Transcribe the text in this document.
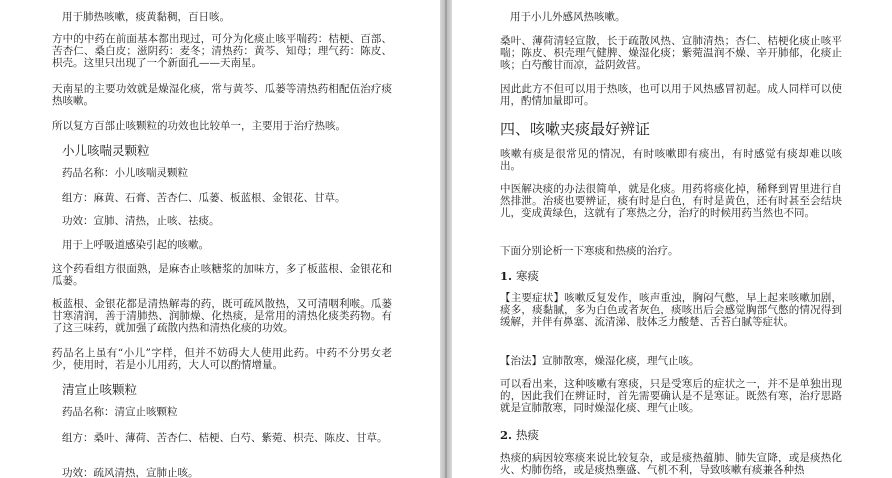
用于肺热咳嗽，痰黄黏稠，百日咳。
方中的中药在前面基本都出现过，可分为化痰止咳平喘药：桔梗、百部、苦杏仁、桑白皮；滋阴药：麦冬；清热药：黄芩、知母；理气药：陈皮、枳壳。这里只出现了一个新面孔——天南星。
天南星的主要功效就是燥湿化痰，常与黄芩、瓜蒌等清热药相配伍治疗痰热咳嗽。
所以复方百部止咳颗粒的功效也比较单一，主要用于治疗热咳。
小儿咳喘灵颗粒
药品名称：小儿咳喘灵颗粒
组方：麻黄、石膏、苦杏仁、瓜蒌、板蓝根、金银花、甘草。
功效：宣肺、清热，止咳、祛痰。
用于上呼吸道感染引起的咳嗽。
这个药看组方很面熟，是麻杏止咳糖浆的加味方，多了板蓝根、金银花和瓜蒌。
板蓝根、金银花都是清热解毒的药，既可疏风散热，又可清咽利喉。瓜蒌甘寒清润，善于清肺热、润肺燥、化热痰，是常用的清热化痰类药物。有了这三味药，就加强了疏散内热和清热化痰的功效。
药品名上虽有“小儿”字样，但并不妨碍大人使用此药。中药不分男女老少，使用时，若是小儿用药，大人可以酌情增量。
清宣止咳颗粒
药品名称：清宣止咳颗粒
组方：桑叶、薄荷、苦杏仁、桔梗、白芍、紫菀、枳壳、陈皮、甘草。
功效：疏风清热，宣肺止咳。
用于小儿外感风热咳嗽。
桑叶、薄荷清轻宣散，长于疏散风热、宣肺清热；杏仁、桔梗化痰止咳平喘；陈皮、枳壳理气健脾、燥湿化痰；紫菀温润不燥、辛开肺郁，化痰止咳；白芍酸甘而凉，益阴敛营。
因此此方不但可以用于热咳，也可以用于风热感冒初起。成人同样可以使用，酌情加量即可。
四、咳嗽夹痰最好辨证
咳嗽有痰是很常见的情况，有时咳嗽即有痰出，有时感觉有痰却难以咳出。
中医解决痰的办法很简单，就是化痰。用药将痰化掉，稀释到胃里进行自然排泄。治痰也要辨证，痰有时是白色，有时是黄色，还有时甚至会结块儿，变成黄绿色，这就有了寒热之分，治疗的时候用药当然也不同。
下面分别论析一下寒痰和热痰的治疗。
1. 寒痰
【主要症状】咳嗽反复发作，咳声重浊，胸闷气憋，早上起来咳嗽加剧，痰多，痰黏腻，多为白色或者灰色，痰咳出后会感觉胸部气憋的情况得到缓解，并伴有鼻塞、流清涕、肢体乏力酸楚、舌苔白腻等症状。
【治法】宣肺散寒，燥湿化痰，理气止咳。
可以看出来，这种咳嗽有寒痰，只是受寒后的症状之一，并不是单独出现的，因此我们在辨证时，首先需要确认是不是寒证。既然有寒，治疗思路就是宣肺散寒，同时燥湿化痰、理气止咳。
2. 热痰
热痰的病因较寒痰来说比较复杂，或是痰热蕴肺、肺失宣降，或是痰热化火、灼肺伤络，或是痰热壅盛、气机不利，导致咳嗽有痰兼各种热
